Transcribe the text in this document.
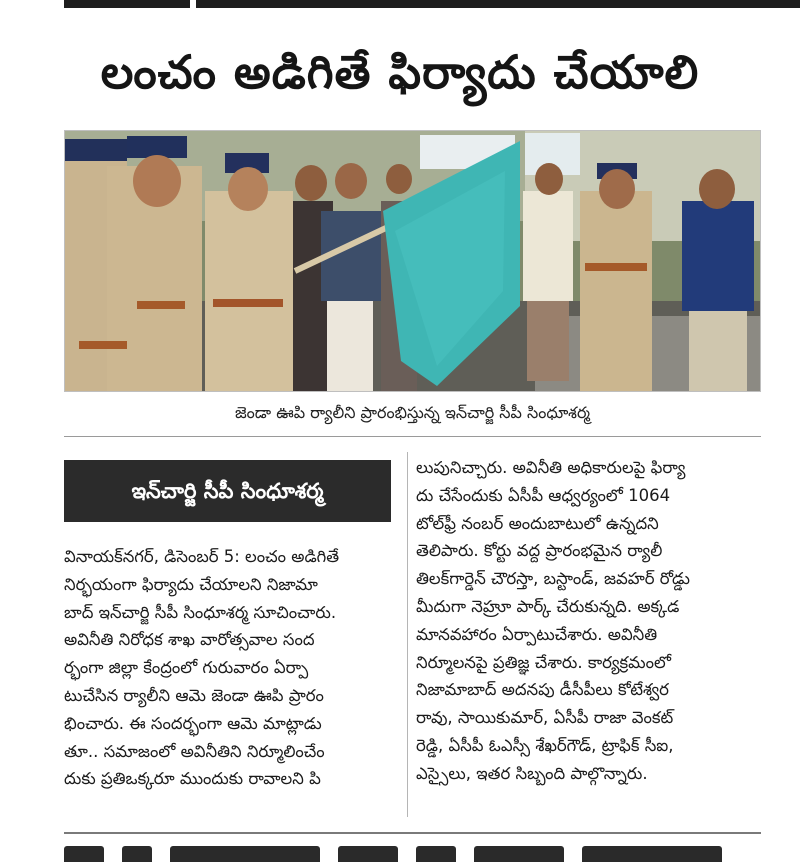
లంచం అడిగితే ఫిర్యాదు చేయాలి
జెండా ఊపి ర్యాలీని ప్రారంభిస్తున్న ఇన్‌చార్జి సీపీ సింధూశర్మ
ఇన్‌చార్జి సీపీ సింధూశర్మ
వినాయక్‌నగర్, డిసెంబర్ 5: లంచం అడిగితే
నిర్భయంగా ఫిర్యాదు చేయాలని నిజామా
బాద్ ఇన్‌చార్జి సీపీ సింధూశర్మ సూచించారు.
అవినీతి నిరోధక శాఖ వారోత్సవాల సంద
ర్భంగా జిల్లా కేంద్రంలో గురువారం ఏర్పా
టుచేసిన ర్యాలీని ఆమె జెండా ఊపి ప్రారం
భించారు. ఈ సందర్భంగా ఆమె మాట్లాడు
తూ.. సమాజంలో అవినీతిని నిర్మూలించేం
దుకు ప్రతిఒక్కరూ ముందుకు రావాలని పి
లుపునిచ్చారు. అవినీతి అధికారులపై ఫిర్యా
దు చేసేందుకు ఏసీపీ ఆధ్వర్యంలో 1064
టోల్‌ఫ్రీ నంబర్ అందుబాటులో ఉన్నదని
తెలిపారు. కోర్టు వద్ద ప్రారంభమైన ర్యాలీ
తిలక్‌గార్డెన్ చౌరస్తా, బస్టాండ్, జవహర్ రోడ్డు
మీదుగా నెహ్రూ పార్క్ చేరుకున్నది. అక్కడ
మానవహారం ఏర్పాటుచేశారు. అవినీతి
నిర్మూలనపై ప్రతిజ్ఞ చేశారు. కార్యక్రమంలో
నిజామాబాద్ అదనపు డీసీపీలు కోటేశ్వర
రావు, సాయికుమార్, ఏసీపీ రాజా వెంకట్
రెడ్డి, ఏసీపీ ఓఎస్సీ శేఖర్‌గౌడ్, ట్రాఫిక్ సీఐ,
ఎస్సైలు, ఇతర సిబ్బంది పాల్గొన్నారు.
